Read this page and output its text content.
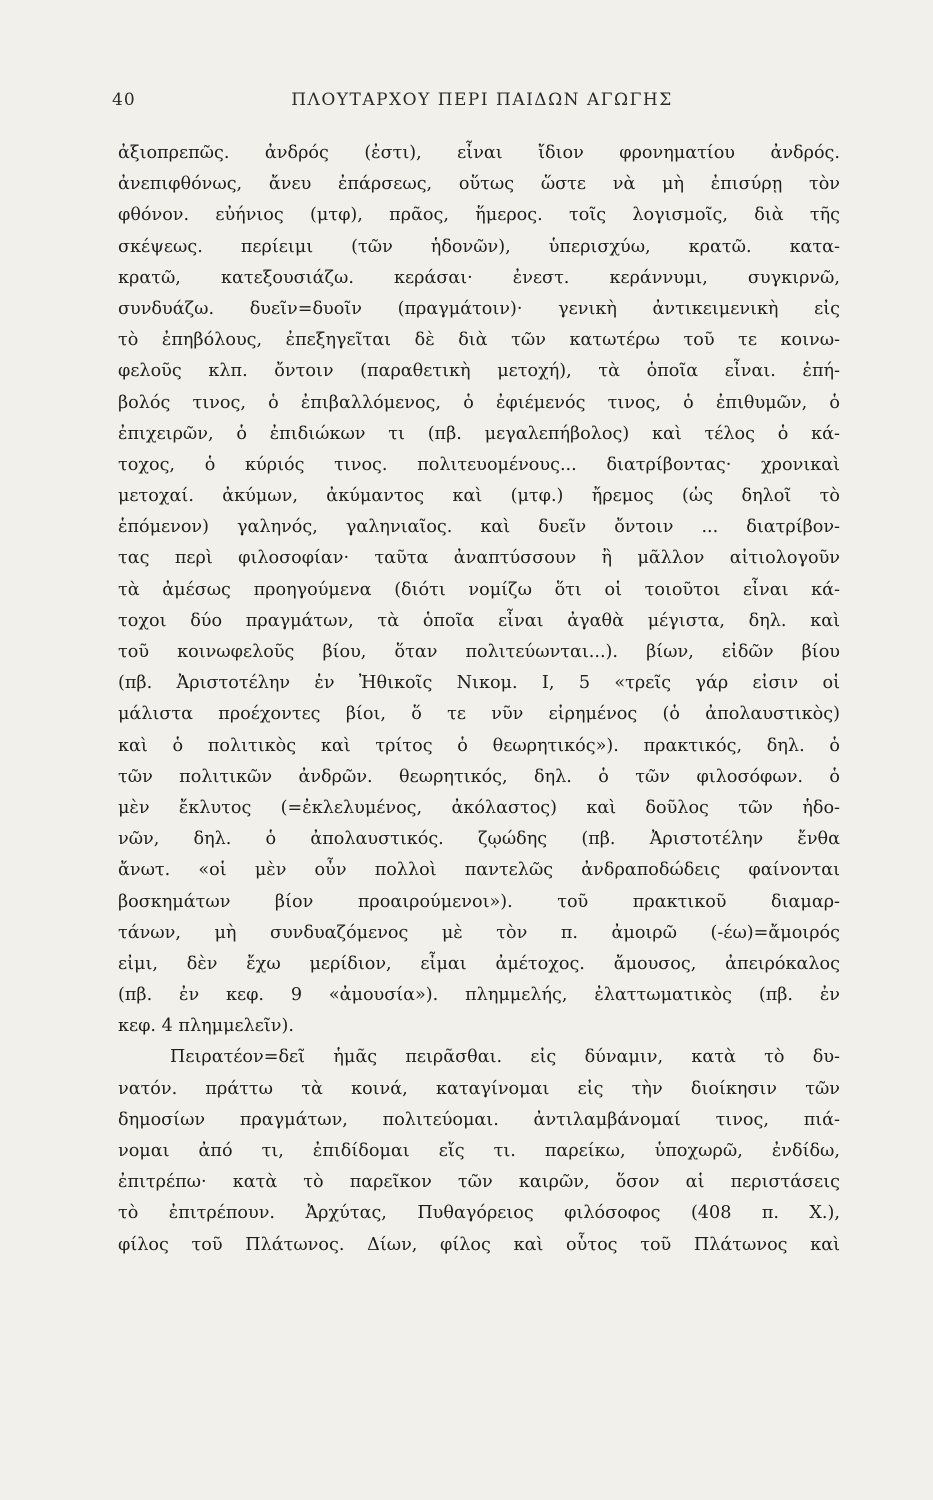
40	ΠΛΟΥΤΑΡΧΟΥ ΠΕΡΙ ΠΑΙΔΩΝ ΑΓΩΓΗΣ
ἀξιοπρεπῶς. ἀνδρός (ἐστι), εἶναι ἴδιον φρονηματίου ἀνδρός.
ἀνεπιφθόνως, ἄνευ ἐπάρσεως, οὕτως ὥστε νὰ μὴ ἐπισύρῃ τὸν
φθόνον. εὐήνιος (μτφ), πρᾶος, ἥμερος. τοῖς λογισμοῖς, διὰ τῆς
σκέψεως. περίειμι (τῶν ἡδονῶν), ὑπερισχύω, κρατῶ. κατα-
κρατῶ, κατεξουσιάζω. κεράσαι· ἐνεστ. κεράννυμι, συγκιρνῶ,
συνδυάζω. δυεῖν=δυοῖν (πραγμάτοιν)· γενικὴ ἀντικειμενικὴ εἰς
τὸ ἐπηβόλους, ἐπεξηγεῖται δὲ διὰ τῶν κατωτέρω τοῦ τε κοινω-
φελοῦς κλπ. ὄντοιν (παραθετικὴ μετοχή), τὰ ὁποῖα εἶναι. ἐπή-
βολός τινος, ὁ ἐπιβαλλόμενος, ὁ ἐφιέμενός τινος, ὁ ἐπιθυμῶν, ὁ
ἐπιχειρῶν, ὁ ἐπιδιώκων τι (πβ. μεγαλεπήβολος) καὶ τέλος ὁ κά-
τοχος, ὁ κύριός τινος. πολιτευομένους... διατρίβοντας· χρονικαὶ
μετοχαί. ἀκύμων, ἀκύμαντος καὶ (μτφ.) ἤρεμος (ὡς δηλοῖ τὸ
ἑπόμενον) γαληνός, γαληνιαῖος. καὶ δυεῖν ὄντοιν ... διατρίβον-
τας περὶ φιλοσοφίαν· ταῦτα ἀναπτύσσουν ἢ μᾶλλον αἰτιολογοῦν
τὰ ἀμέσως προηγούμενα (διότι νομίζω ὅτι οἱ τοιοῦτοι εἶναι κά-
τοχοι δύο πραγμάτων, τὰ ὁποῖα εἶναι ἀγαθὰ μέγιστα, δηλ. καὶ
τοῦ κοινωφελοῦς βίου, ὅταν πολιτεύωνται...). βίων, εἰδῶν βίου
(πβ. Ἀριστοτέλην ἐν Ἠθικοῖς Νικομ. Ι, 5 «τρεῖς γάρ εἰσιν οἱ
μάλιστα προέχοντες βίοι, ὅ τε νῦν εἰρημένος (ὁ ἀπολαυστικὸς)
καὶ ὁ πολιτικὸς καὶ τρίτος ὁ θεωρητικός»). πρακτικός, δηλ. ὁ
τῶν πολιτικῶν ἀνδρῶν. θεωρητικός, δηλ. ὁ τῶν φιλοσόφων. ὁ
μὲν ἔκλυτος (=ἐκλελυμένος, ἀκόλαστος) καὶ δοῦλος τῶν ἡδο-
νῶν, δηλ. ὁ ἀπολαυστικός. ζῳώδης (πβ. Ἀριστοτέλην ἔνθα
ἄνωτ. «οἱ μὲν οὖν πολλοὶ παντελῶς ἀνδραποδώδεις φαίνονται
βοσκημάτων βίον προαιρούμενοι»). τοῦ πρακτικοῦ διαμαρ-
τάνων, μὴ συνδυαζόμενος μὲ τὸν π. ἀμοιρῶ (-έω)=ἄμοιρός
εἰμι, δὲν ἔχω μερίδιον, εἶμαι ἀμέτοχος. ἄμουσος, ἀπειρόκαλος
(πβ. ἐν κεφ. 9 «ἀμουσία»). πλημμελής, ἐλαττωματικὸς (πβ. ἐν
κεφ. 4 πλημμελεῖν).
Πειρατέον=δεῖ ἡμᾶς πειρᾶσθαι. εἰς δύναμιν, κατὰ τὸ δυ-
νατόν. πράττω τὰ κοινά, καταγίνομαι εἰς τὴν διοίκησιν τῶν
δημοσίων πραγμάτων, πολιτεύομαι. ἀντιλαμβάνομαί τινος, πιά-
νομαι ἀπό τι, ἐπιδίδομαι εἴς τι. παρείκω, ὑποχωρῶ, ἐνδίδω,
ἐπιτρέπω· κατὰ τὸ παρεῖκον τῶν καιρῶν, ὅσον αἱ περιστάσεις
τὸ ἐπιτρέπουν. Ἀρχύτας, Πυθαγόρειος φιλόσοφος (408 π. Χ.),
φίλος τοῦ Πλάτωνος. Δίων, φίλος καὶ οὗτος τοῦ Πλάτωνος καὶ
